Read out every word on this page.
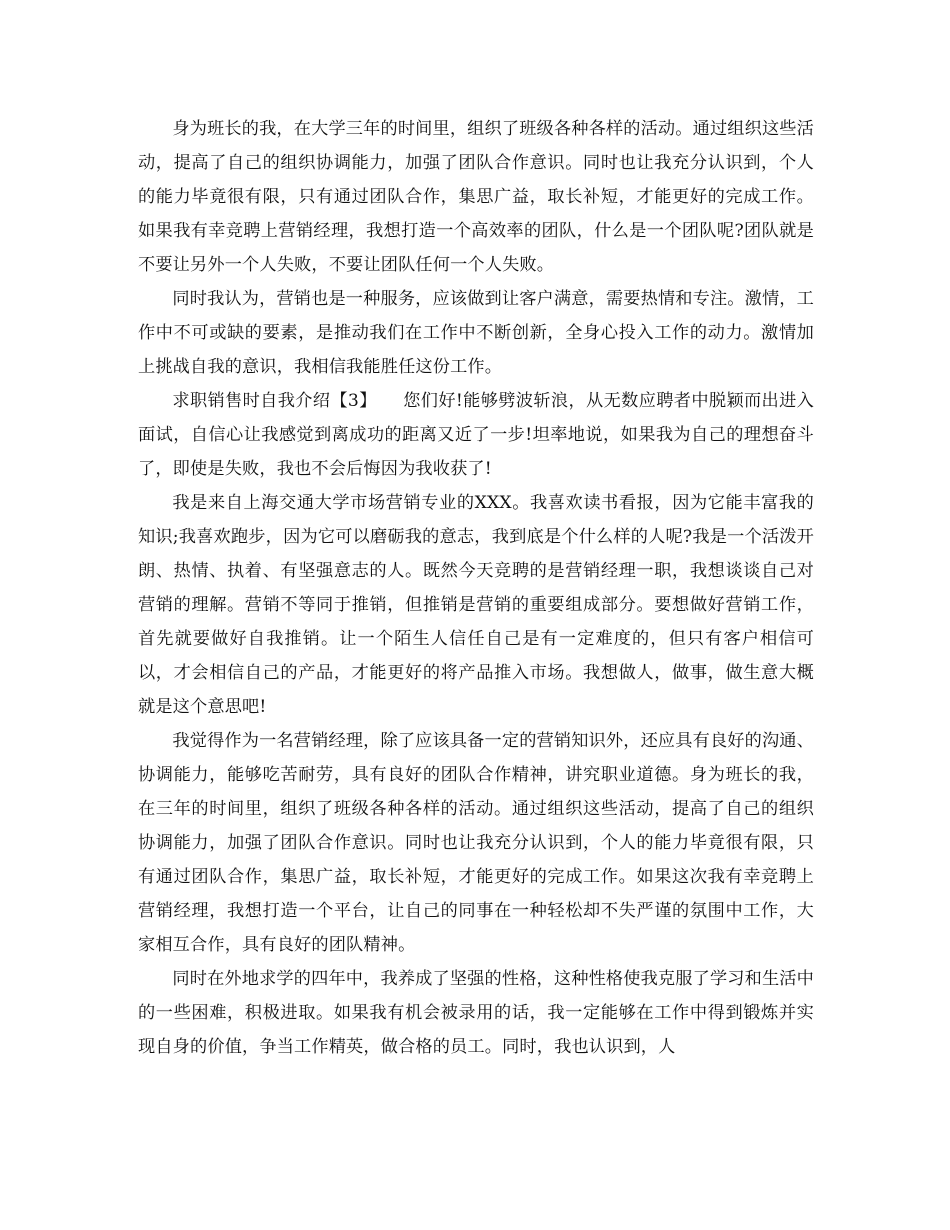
身为班长的我，在大学三年的时间里，组织了班级各种各样的活动。通过组织这些活动，提高了自己的组织协调能力，加强了团队合作意识。同时也让我充分认识到，个人的能力毕竟很有限，只有通过团队合作，集思广益，取长补短，才能更好的完成工作。如果我有幸竞聘上营销经理，我想打造一个高效率的团队，什么是一个团队呢?团队就是不要让另外一个人失败，不要让团队任何一个人失败。

同时我认为，营销也是一种服务，应该做到让客户满意，需要热情和专注。激情，工作中不可或缺的要素，是推动我们在工作中不断创新，全身心投入工作的动力。激情加上挑战自我的意识，我相信我能胜任这份工作。

求职销售时自我介绍【3】　　您们好!能够劈波斩浪，从无数应聘者中脱颖而出进入面试，自信心让我感觉到离成功的距离又近了一步!坦率地说，如果我为自己的理想奋斗了，即使是失败，我也不会后悔因为我收获了!

我是来自上海交通大学市场营销专业的XXX。我喜欢读书看报，因为它能丰富我的知识;我喜欢跑步，因为它可以磨砺我的意志，我到底是个什么样的人呢?我是一个活泼开朗、热情、执着、有坚强意志的人。既然今天竞聘的是营销经理一职，我想谈谈自己对营销的理解。营销不等同于推销，但推销是营销的重要组成部分。要想做好营销工作，首先就要做好自我推销。让一个陌生人信任自己是有一定难度的，但只有客户相信可以，才会相信自己的产品，才能更好的将产品推入市场。我想做人，做事，做生意大概就是这个意思吧!

我觉得作为一名营销经理，除了应该具备一定的营销知识外，还应具有良好的沟通、协调能力，能够吃苦耐劳，具有良好的团队合作精神，讲究职业道德。身为班长的我，在三年的时间里，组织了班级各种各样的活动。通过组织这些活动，提高了自己的组织协调能力，加强了团队合作意识。同时也让我充分认识到，个人的能力毕竟很有限，只有通过团队合作，集思广益，取长补短，才能更好的完成工作。如果这次我有幸竞聘上营销经理，我想打造一个平台，让自己的同事在一种轻松却不失严谨的氛围中工作，大家相互合作，具有良好的团队精神。

同时在外地求学的四年中，我养成了坚强的性格，这种性格使我克服了学习和生活中的一些困难，积极进取。如果我有机会被录用的话，我一定能够在工作中得到锻炼并实现自身的价值，争当工作精英，做合格的员工。同时，我也认识到，人
